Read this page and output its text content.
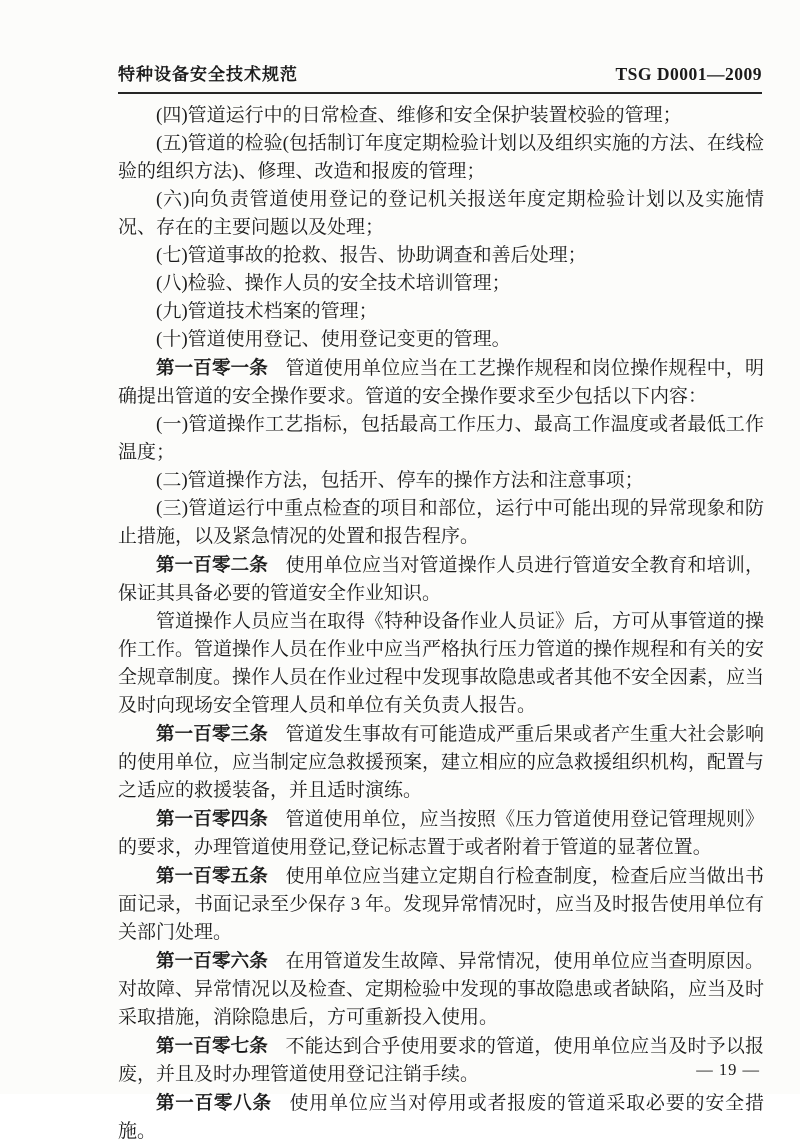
特种设备安全技术规范	TSG D0001—2009

(四)管道运行中的日常检查、维修和安全保护装置校验的管理；

(五)管道的检验(包括制订年度定期检验计划以及组织实施的方法、在线检验的组织方法)、修理、改造和报废的管理；

(六)向负责管道使用登记的登记机关报送年度定期检验计划以及实施情况、存在的主要问题以及处理；

(七)管道事故的抢救、报告、协助调查和善后处理；

(八)检验、操作人员的安全技术培训管理；

(九)管道技术档案的管理；

(十)管道使用登记、使用登记变更的管理。

第一百零一条 管道使用单位应当在工艺操作规程和岗位操作规程中，明确提出管道的安全操作要求。管道的安全操作要求至少包括以下内容：

(一)管道操作工艺指标，包括最高工作压力、最高工作温度或者最低工作温度；

(二)管道操作方法，包括开、停车的操作方法和注意事项；

(三)管道运行中重点检查的项目和部位，运行中可能出现的异常现象和防止措施，以及紧急情况的处置和报告程序。

第一百零二条 使用单位应当对管道操作人员进行管道安全教育和培训，保证其具备必要的管道安全作业知识。

管道操作人员应当在取得《特种设备作业人员证》后，方可从事管道的操作工作。管道操作人员在作业中应当严格执行压力管道的操作规程和有关的安全规章制度。操作人员在作业过程中发现事故隐患或者其他不安全因素，应当及时向现场安全管理人员和单位有关负责人报告。

第一百零三条 管道发生事故有可能造成严重后果或者产生重大社会影响的使用单位，应当制定应急救援预案，建立相应的应急救援组织机构，配置与之适应的救援装备，并且适时演练。

第一百零四条 管道使用单位，应当按照《压力管道使用登记管理规则》的要求，办理管道使用登记,登记标志置于或者附着于管道的显著位置。

第一百零五条 使用单位应当建立定期自行检查制度，检查后应当做出书面记录，书面记录至少保存 3 年。发现异常情况时，应当及时报告使用单位有关部门处理。

第一百零六条 在用管道发生故障、异常情况，使用单位应当查明原因。对故障、异常情况以及检查、定期检验中发现的事故隐患或者缺陷，应当及时采取措施，消除隐患后，方可重新投入使用。

第一百零七条 不能达到合乎使用要求的管道，使用单位应当及时予以报废，并且及时办理管道使用登记注销手续。

第一百零八条 使用单位应当对停用或者报废的管道采取必要的安全措施。

— 19 —
